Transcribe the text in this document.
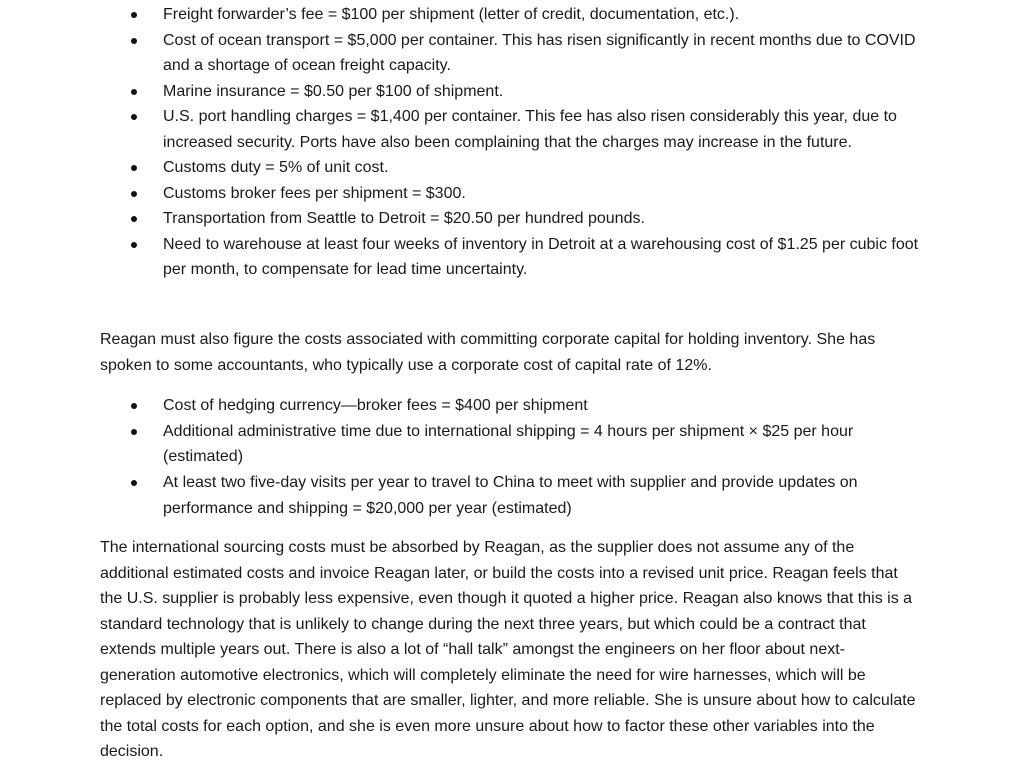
Freight forwarder’s fee = $100 per shipment (letter of credit, documentation, etc.).
Cost of ocean transport = $5,000 per container. This has risen significantly in recent months due to COVID and a shortage of ocean freight capacity.
Marine insurance = $0.50 per $100 of shipment.
U.S. port handling charges = $1,400 per container. This fee has also risen considerably this year, due to increased security. Ports have also been complaining that the charges may increase in the future.
Customs duty = 5% of unit cost.
Customs broker fees per shipment = $300.
Transportation from Seattle to Detroit = $20.50 per hundred pounds.
Need to warehouse at least four weeks of inventory in Detroit at a warehousing cost of $1.25 per cubic foot per month, to compensate for lead time uncertainty.

Reagan must also figure the costs associated with committing corporate capital for holding inventory. She has spoken to some accountants, who typically use a corporate cost of capital rate of 12%.

Cost of hedging currency—broker fees = $400 per shipment
Additional administrative time due to international shipping = 4 hours per shipment × $25 per hour (estimated)
At least two five-day visits per year to travel to China to meet with supplier and provide updates on performance and shipping = $20,000 per year (estimated)

The international sourcing costs must be absorbed by Reagan, as the supplier does not assume any of the additional estimated costs and invoice Reagan later, or build the costs into a revised unit price. Reagan feels that the U.S. supplier is probably less expensive, even though it quoted a higher price. Reagan also knows that this is a standard technology that is unlikely to change during the next three years, but which could be a contract that extends multiple years out. There is also a lot of “hall talk” amongst the engineers on her floor about next-generation automotive electronics, which will completely eliminate the need for wire harnesses, which will be replaced by electronic components that are smaller, lighter, and more reliable. She is unsure about how to calculate the total costs for each option, and she is even more unsure about how to factor these other variables into the decision.
